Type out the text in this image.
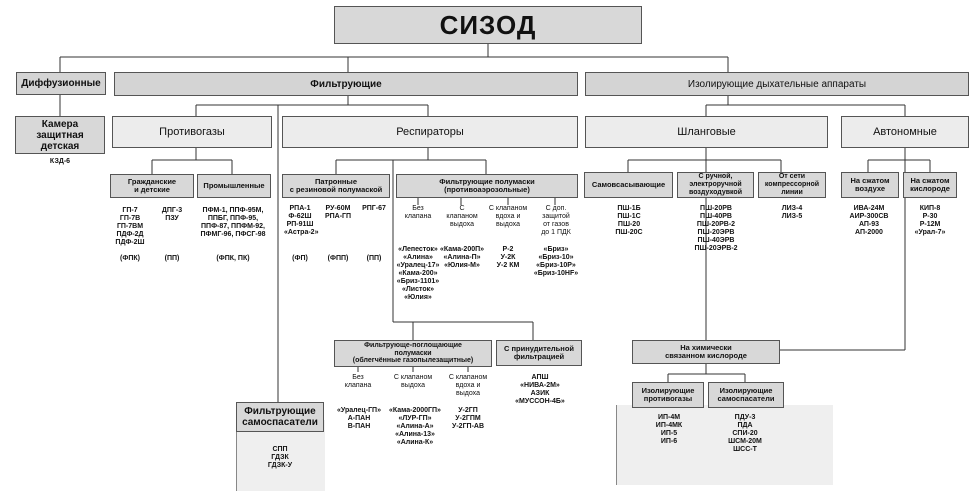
СИЗОД
Диффузионные	Фильтрующие	Изолирующие дыхательные аппараты
Камера
защитная
детская
КЗД-6
Противогазы	Респираторы
Гражданские
и детские	Промышленные
ГП-7
ГП-7В
ГП-7ВМ
ПДФ-2Д
ПДФ-2Ш
ДПГ-3
ПЗУ
(ФПК)	(ПП)
ПФМ-1, ППФ-95М,
ППБГ, ППФ-95,
ППФ-87, ППФМ-92,
ПФМГ-96, ПФСГ-98
(ФПК, ПК)
Патронные
с резиновой полумаской
Фильтрующие полумаски
(противоаэрозольные)
РПА-1
Ф-62Ш
РП-91Ш
«Астра-2»
РУ-60М
РПА-ГП
РПГ-67
(ФП)	(ФПП)	(ПП)
Без
клапана
С
клапаном
выдоха
С клапаном
вдоха и
выдоха
С доп.
защитой
от газов
до 1 ПДК
«Лепесток»
«Алина»
«Уралец-17»
«Кама-200»
«Бриз-1101»
«Листок»
«Юлия»
«Кама-200П»
«Алина-П»
«Юлия-М»
Р-2
У-2К
У-2 КМ
«Бриз»
«Бриз-10»
«Бриз-10Р»
«Бриз-10НF»
Фильтрующе-поглощающие
полумаски
(облегчённые газопылезащитные)
С принудительной
фильтрацией
АПШ
«НИВА-2М»
АЗИК
«МУССОН-4Б»
Без
клапана
С клапаном
выдоха
С клапаном
вдоха и
выдоха
«Уралец-ГП»
А-ПАН
В-ПАН
«Кама-2000ГП»
«ЛУР-ГП»
«Алина-А»
«Алина-13»
«Алина-К»
У-2ГП
У-2ГПМ
У-2ГП-АВ
Фильтрующие
самоспасатели
СПП
ГДЗК
ГДЗК-У
Шланговые	Автономные
Самовсасывающие
С ручной,
электроручной
воздуходувкой
От сети
компрессорной
линии
На сжатом
воздухе
На сжатом
кислороде
ПШ-1Б
ПШ-1С
ПШ-20
ПШ-20С
ПШ-20РВ
ПШ-40РВ
ПШ-20РВ-2
ПШ-20ЭРВ
ПШ-40ЭРВ
ПШ-20ЭРВ-2
ЛИЗ-4
ЛИЗ-5
ИВА-24М
АИР-300СВ
АП-93
АП-2000
КИП-8
Р-30
Р-12М
«Урал-7»
На химически
связанном кислороде
Изолирующие
противогазы
Изолирующие
самоспасатели
ИП-4М
ИП-4МК
ИП-5
ИП-6
ПДУ-3
ПДА
СПИ-20
ШСМ-20М
ШСС-Т
